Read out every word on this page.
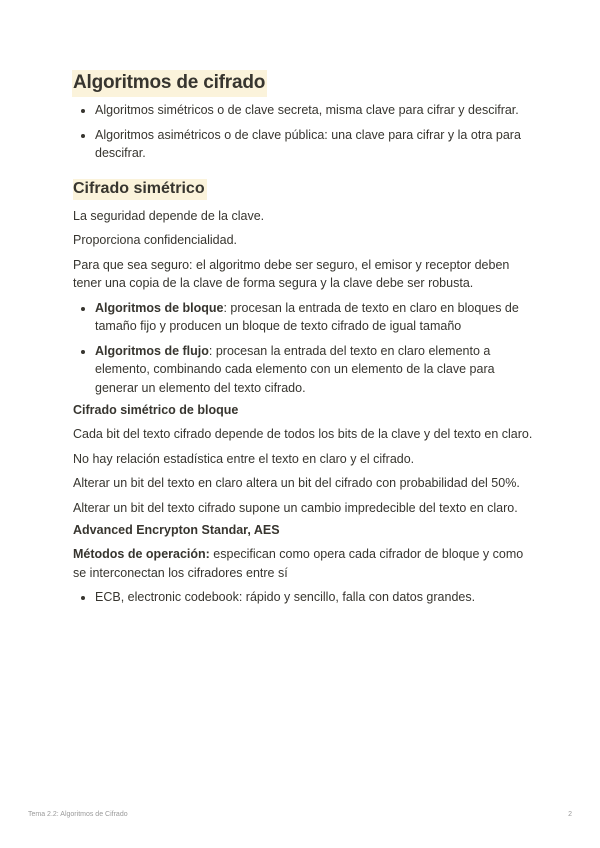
Algoritmos de cifrado
• Algoritmos simétricos o de clave secreta, misma clave para cifrar y descifrar.
• Algoritmos asimétricos o de clave pública: una clave para cifrar y la otra para descifrar.
Cifrado simétrico

La seguridad depende de la clave.

Proporciona confidencialidad.

Para que sea seguro: el algoritmo debe ser seguro, el emisor y receptor deben tener una copia de la clave de forma segura y la clave debe ser robusta.

• Algoritmos de bloque: procesan la entrada de texto en claro en bloques de tamaño fijo y producen un bloque de texto cifrado de igual tamaño
• Algoritmos de flujo: procesan la entrada del texto en claro elemento a elemento, combinando cada elemento con un elemento de la clave para generar un elemento del texto cifrado.
Cifrado simétrico de bloque

Cada bit del texto cifrado depende de todos los bits de la clave y del texto en claro.

No hay relación estadística entre el texto en claro y el cifrado.

Alterar un bit del texto en claro altera un bit del cifrado con probabilidad del 50%.

Alterar un bit del texto cifrado supone un cambio impredecible del texto en claro.

Advanced Encrypton Standar, AES

Métodos de operación: especifican como opera cada cifrador de bloque y como se interconectan los cifradores entre sí

• ECB, electronic codebook: rápido y sencillo, falla con datos grandes.
Tema 2.2: Algoritmos de Cifrado	2
